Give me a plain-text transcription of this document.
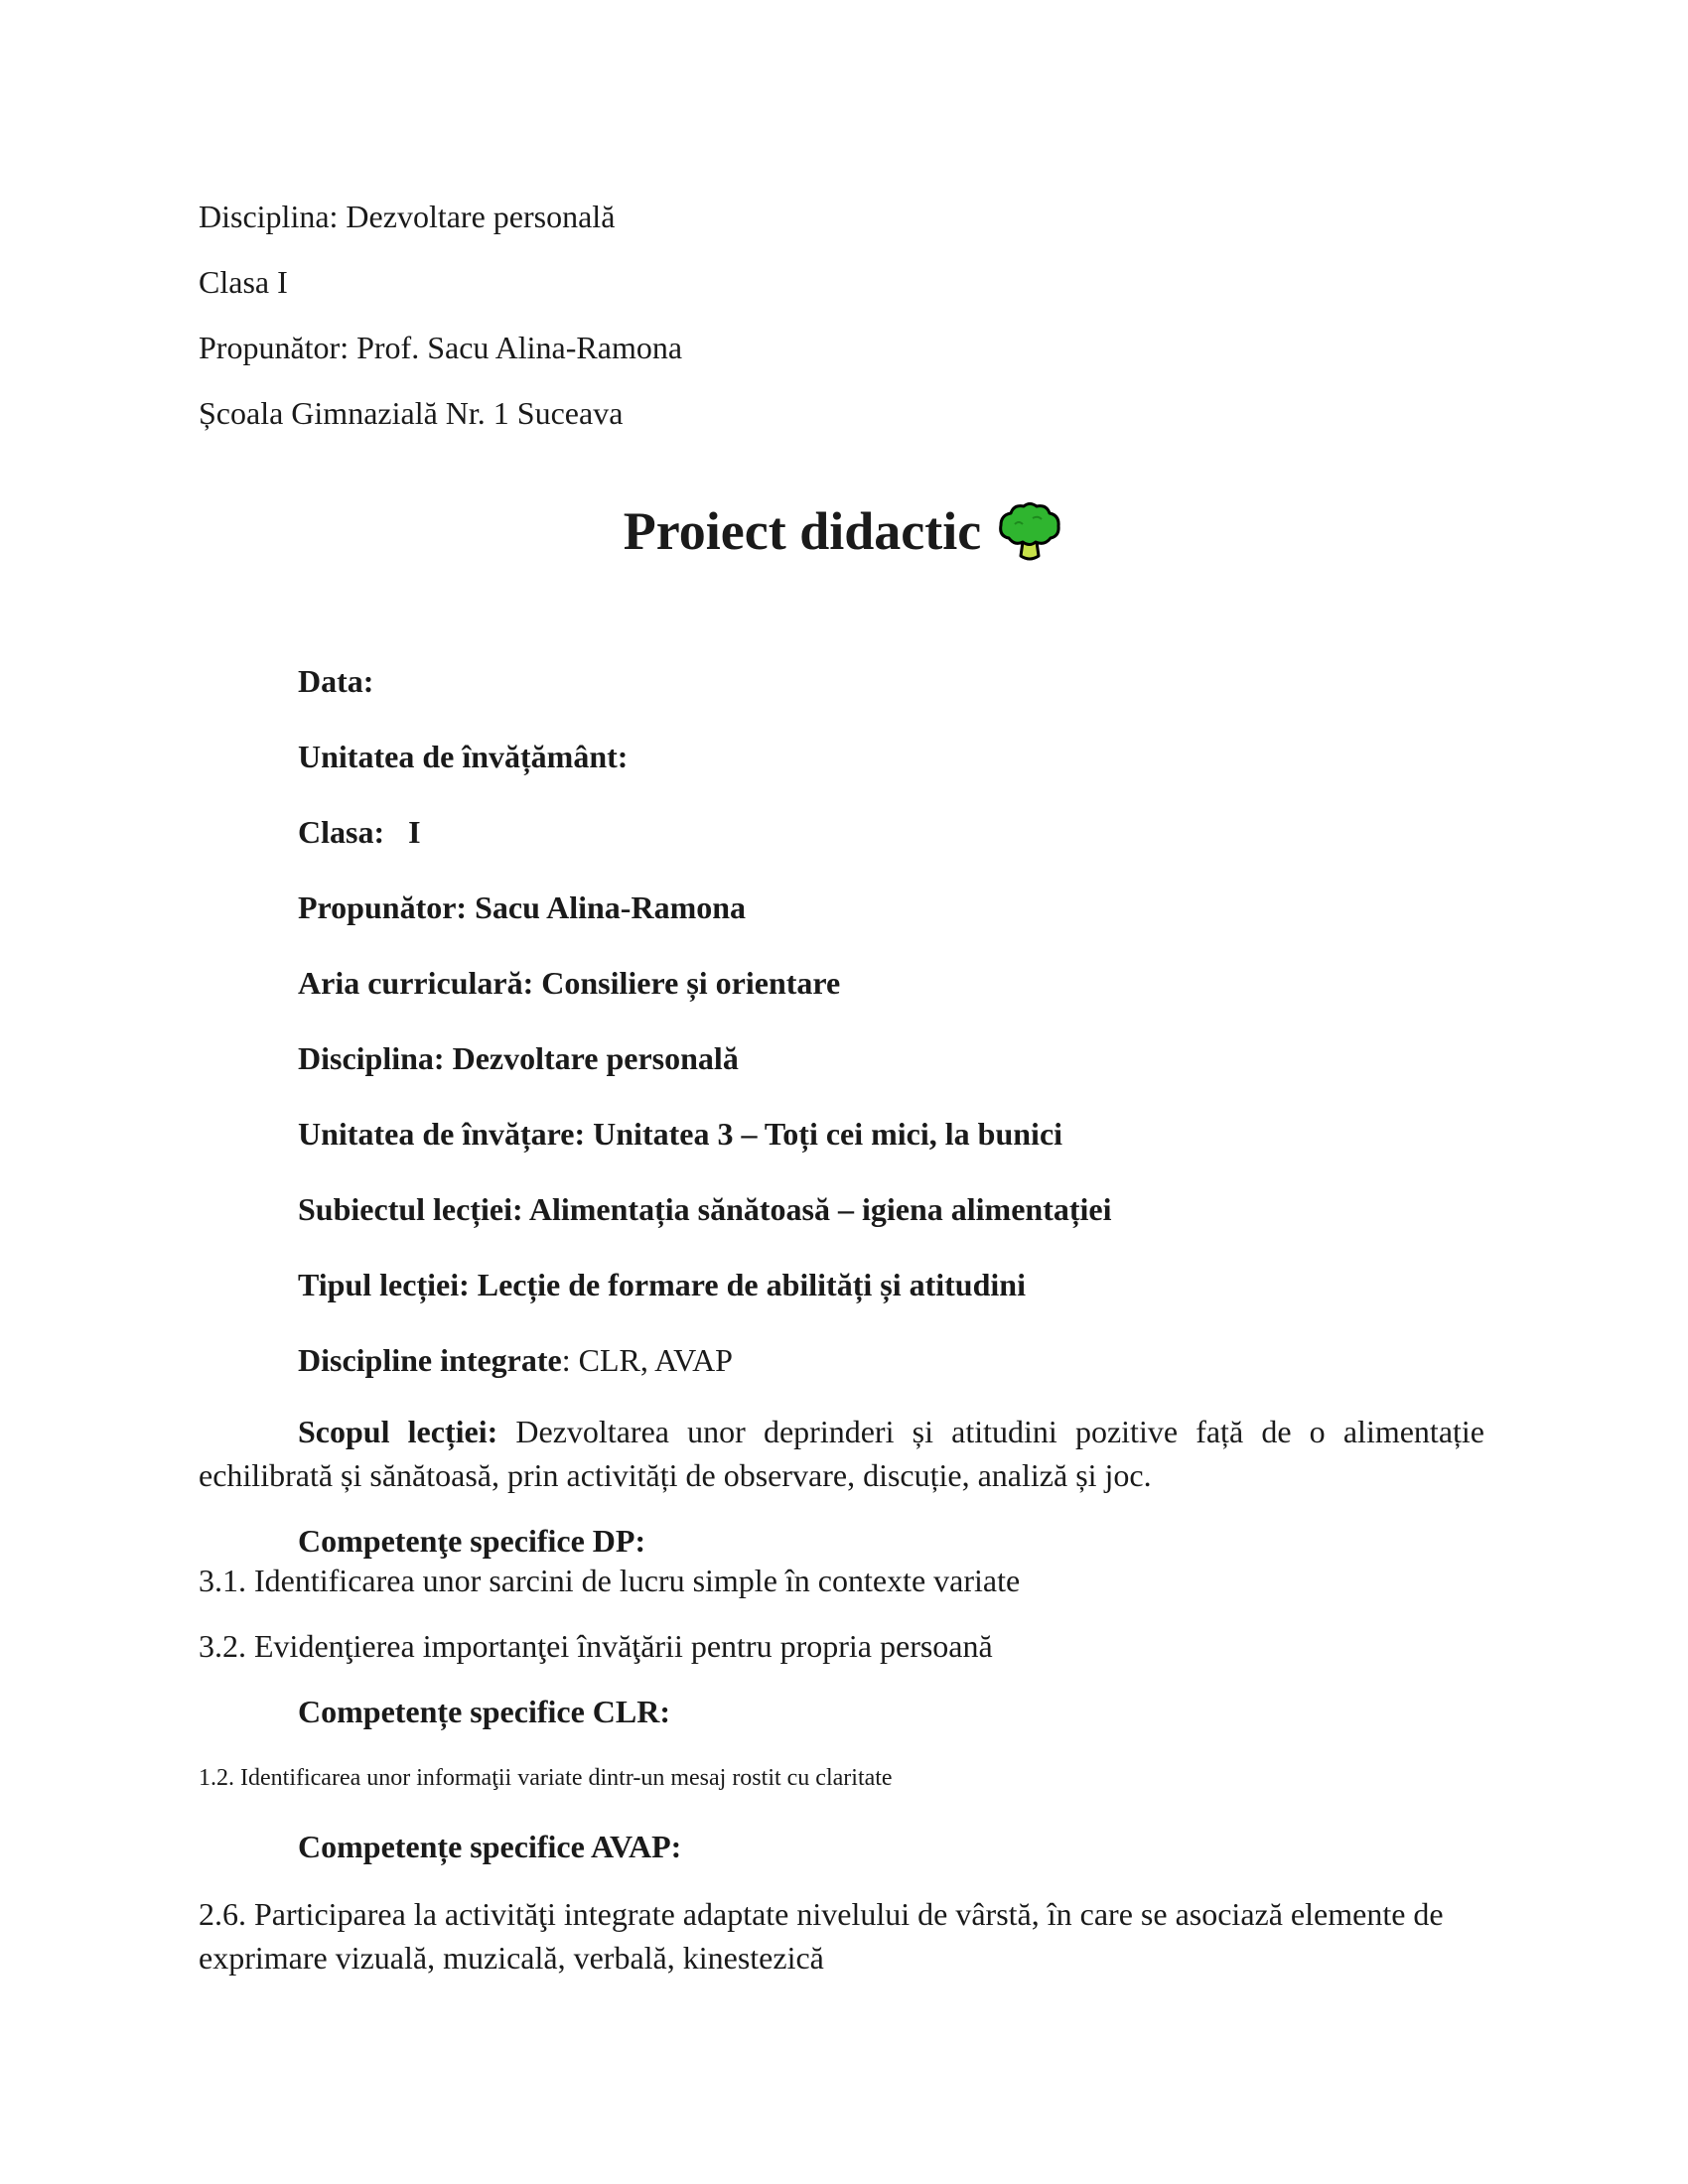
Disciplina: Dezvoltare personală
Clasa I
Propunător: Prof. Sacu Alina-Ramona
Școala Gimnazială Nr. 1 Suceava
Proiect didactic
Data:
Unitatea de învățământ:
Clasa: I
Propunător: Sacu Alina-Ramona
Aria curriculară: Consiliere și orientare
Disciplina: Dezvoltare personală
Unitatea de învățare: Unitatea 3 – Toți cei mici, la bunici
Subiectul lecției: Alimentația sănătoasă – igiena alimentației
Tipul lecției: Lecție de formare de abilități și atitudini
Discipline integrate: CLR, AVAP
Scopul lecției: Dezvoltarea unor deprinderi și atitudini pozitive față de o alimentație echilibrată și sănătoasă, prin activități de observare, discuție, analiză și joc.
Competenţe specifice DP:
3.1. Identificarea unor sarcini de lucru simple în contexte variate
3.2. Evidenţierea importanţei învăţării pentru propria persoană
Competențe specifice CLR:
1.2. Identificarea unor informaţii variate dintr-un mesaj rostit cu claritate
Competențe specifice AVAP:
2.6. Participarea la activităţi integrate adaptate nivelului de vârstă, în care se asociază elemente de exprimare vizuală, muzicală, verbală, kinestezică
